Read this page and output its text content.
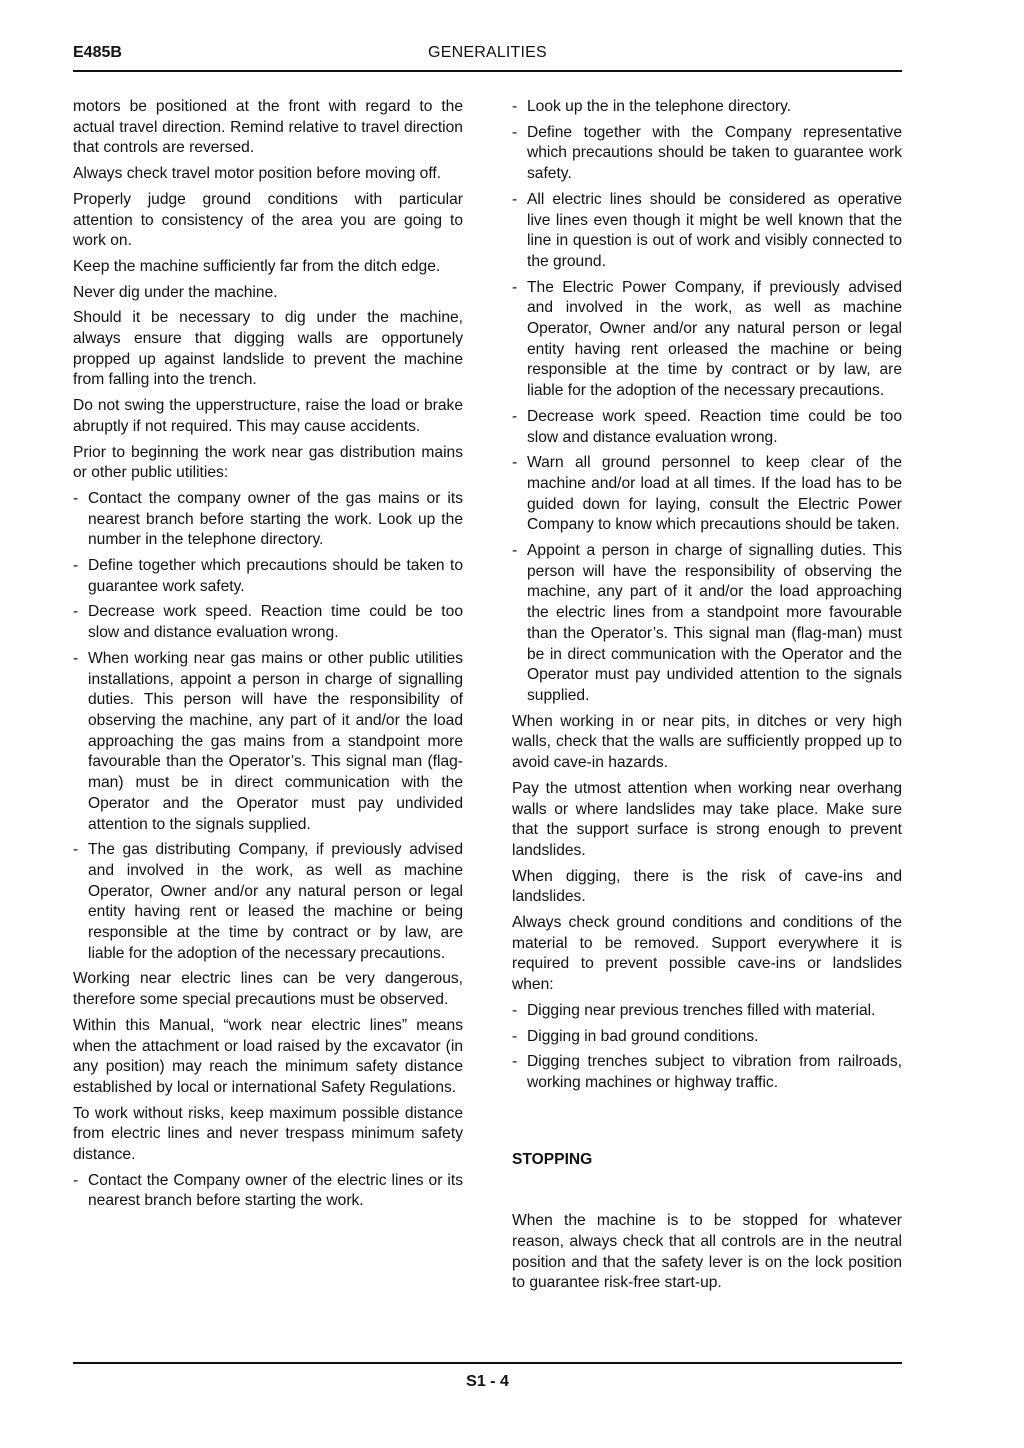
E485B	GENERALITIES

motors be positioned at the front with regard to the actual travel direction. Remind relative to travel direction that controls are reversed.

Always check travel motor position before moving off.

Properly judge ground conditions with particular attention to consistency of the area you are going to work on.

Keep the machine sufficiently far from the ditch edge.

Never dig under the machine.

Should it be necessary to dig under the machine, always ensure that digging walls are opportunely propped up against landslide to prevent the machine from falling into the trench.

Do not swing the upperstructure, raise the load or brake abruptly if not required. This may cause accidents.

Prior to beginning the work near gas distribution mains or other public utilities:

- Contact the company owner of the gas mains or its nearest branch before starting the work. Look up the number in the telephone directory.

- Define together which precautions should be taken to guarantee work safety.

- Decrease work speed. Reaction time could be too slow and distance evaluation wrong.

- When working near gas mains or other public utilities installations, appoint a person in charge of signalling duties. This person will have the responsibility of observing the machine, any part of it and/or the load approaching the gas mains from a standpoint more favourable than the Operator’s. This signal man (flag-man) must be in direct communication with the Operator and the Operator must pay undivided attention to the signals supplied.

- The gas distributing Company, if previously advised and involved in the work, as well as machine Operator, Owner and/or any natural person or legal entity having rent or leased the machine or being responsible at the time by contract or by law, are liable for the adoption of the necessary precautions.

Working near electric lines can be very dangerous, therefore some special precautions must be observed.

Within this Manual, “work near electric lines” means when the attachment or load raised by the excavator (in any position) may reach the minimum safety distance established by local or international Safety Regulations.

To work without risks, keep maximum possible distance from electric lines and never trespass minimum safety distance.

- Contact the Company owner of the electric lines or its nearest branch before starting the work.

- Look up the in the telephone directory.

- Define together with the Company representative which precautions should be taken to guarantee work safety.

- All electric lines should be considered as operative live lines even though it might be well known that the line in question is out of work and visibly connected to the ground.

- The Electric Power Company, if previously advised and involved in the work, as well as machine Operator, Owner and/or any natural person or legal entity having rent orleased the machine or being responsible at the time by contract or by law, are liable for the adoption of the necessary precautions.

- Decrease work speed. Reaction time could be too slow and distance evaluation wrong.

- Warn all ground personnel to keep clear of the machine and/or load at all times. If the load has to be guided down for laying, consult the Electric Power Company to know which precautions should be taken.

- Appoint a person in charge of signalling duties. This person will have the responsibility of observing the machine, any part of it and/or the load approaching the electric lines from a standpoint more favourable than the Operator’s. This signal man (flag-man) must be in direct communication with the Operator and the Operator must pay undivided attention to the signals supplied.

When working in or near pits, in ditches or very high walls, check that the walls are sufficiently propped up to avoid cave-in hazards.

Pay the utmost attention when working near overhang walls or where landslides may take place. Make sure that the support surface is strong enough to prevent landslides.

When digging, there is the risk of cave-ins and landslides.

Always check ground conditions and conditions of the material to be removed. Support everywhere it is required to prevent possible cave-ins or landslides when:

- Digging near previous trenches filled with material.

- Digging in bad ground conditions.

- Digging trenches subject to vibration from railroads, working machines or highway traffic.

STOPPING

When the machine is to be stopped for whatever reason, always check that all controls are in the neutral position and that the safety lever is on the lock position to guarantee risk-free start-up.

S1 - 4
